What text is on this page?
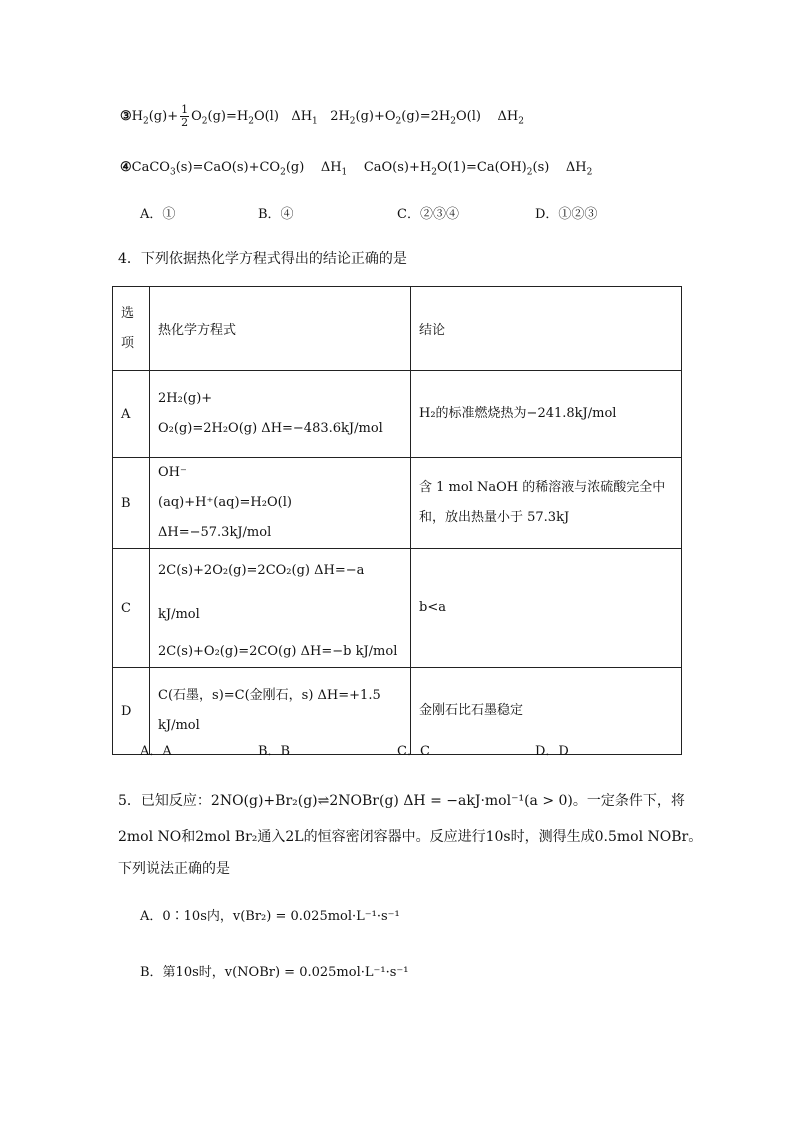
$③H_2(g)+ \frac{1}{2} O_2(g)=H_2O(l)$ $\Delta H_1$ $2H_2(g)+O_2(g)=2H_2O(l)$ $\Delta H_2$
$④CaCO_3(s)=CaO(s)+CO_2(g)$ $\Delta H_1$ $CaO(s)+H_2O(1)=Ca(OH)_2(s)$ $\Delta H_2$
A．①	B．④	C．②③④	D．①②③
4．下列依据热化学方程式得出的结论正确的是
选
项	热化学方程式	结论
A	2H₂(g)+
O₂(g)=2H₂O(g) ΔH=−483.6kJ/mol	H₂的标准燃烧热为−241.8kJ/mol

B	OH⁻
(aq)+H⁺(aq)=H₂O(l) ΔH=−57.3kJ/mol	含 1 mol NaOH 的稀溶液与浓硫酸完全中
和，放出热量小于 57.3kJ

C	2C(s)+2O₂(g)=2CO₂(g) ΔH=−a kJ/mol
2C(s)+O₂(g)=2CO(g) ΔH=−b kJ/mol	b<a

D	C(石墨，s)=C(金刚石，s) ΔH=+1.5
kJ/mol	金刚石比石墨稳定
A．A	B．B	C．C	D．D
5．已知反应：2NO(g)+Br₂(g)⇌2NOBr(g) ΔH = −akJ·mol⁻¹(a > 0)。一定条件下，将
2mol NO和2mol Br₂通入2L的恒容密闭容器中。反应进行10s时，测得生成0.5mol NOBr。
下列说法正确的是
A．0∶10s内，v(Br₂) = 0.025mol·L⁻¹·s⁻¹
B．第10s时，v(NOBr) = 0.025mol·L⁻¹·s⁻¹
